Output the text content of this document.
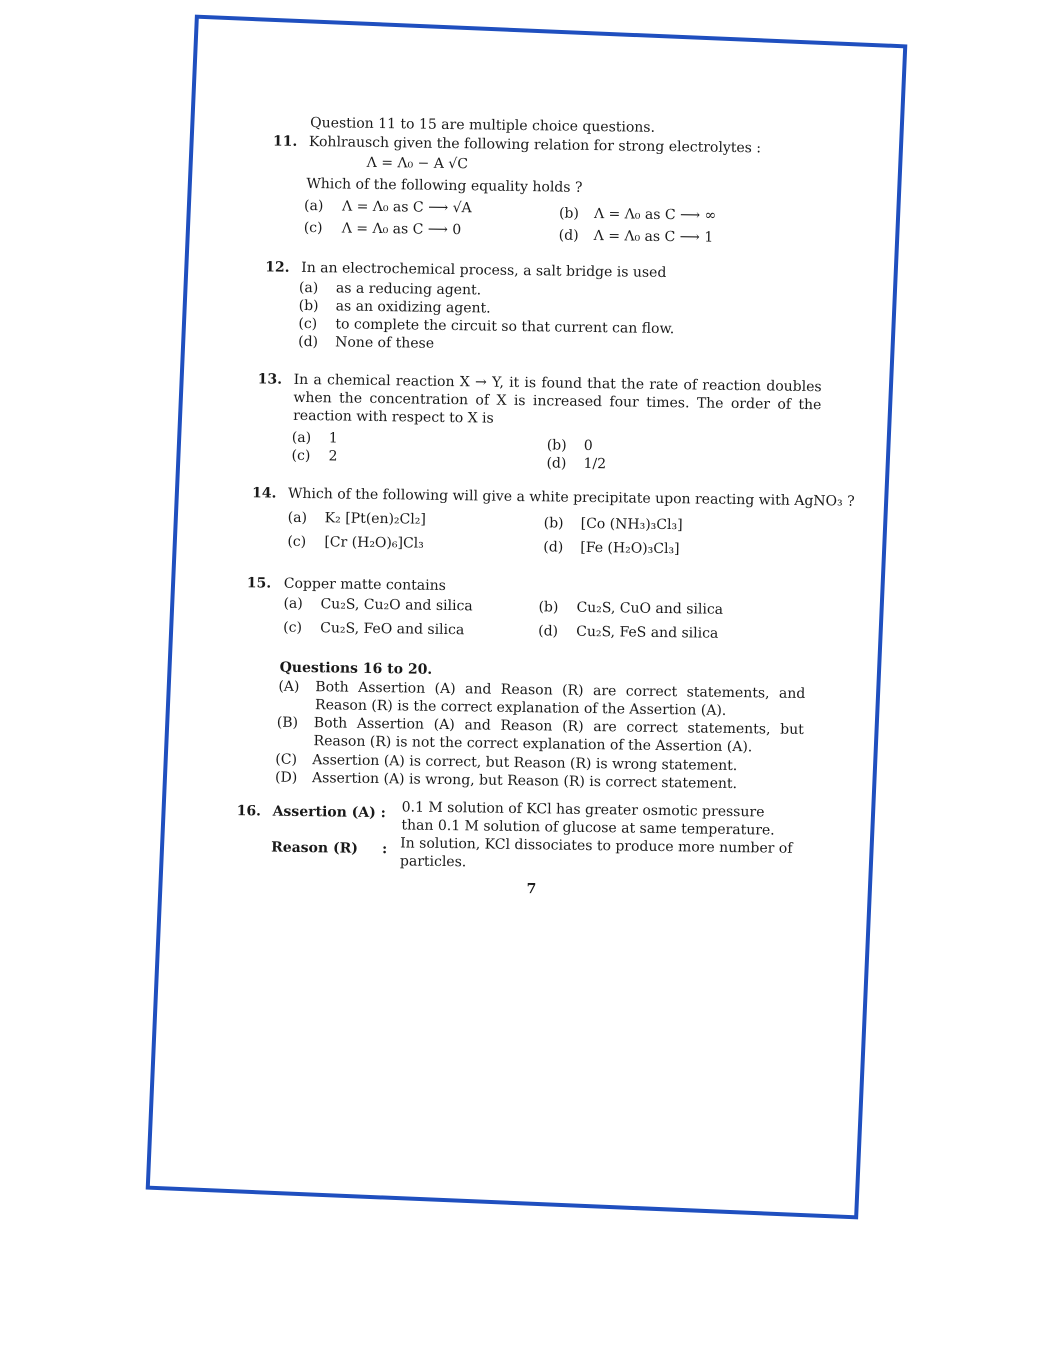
Question 11 to 15 are multiple choice questions.
11. Kohlrausch given the following relation for strong electrolytes :
Λ = Λ₀ − A √C
Which of the following equality holds ?
(a) Λ = Λ₀ as C ⟶ √A	(b) Λ = Λ₀ as C ⟶ ∞
(c) Λ = Λ₀ as C ⟶ 0	(d) Λ = Λ₀ as C ⟶ 1
12. In an electrochemical process, a salt bridge is used
(a) as a reducing agent.
(b) as an oxidizing agent.
(c) to complete the circuit so that current can flow.
(d) None of these
13. In a chemical reaction X → Y, it is found that the rate of reaction doubles when the concentration of X is increased four times. The order of the reaction with respect to X is
(a) 1	(b) 0
(c) 2	(d) 1/2
14. Which of the following will give a white precipitate upon reacting with AgNO₃ ?
(a) K₂ [Pt(en)₂Cl₂]	(b) [Co (NH₃)₃Cl₃]
(c) [Cr (H₂O)₆]Cl₃	(d) [Fe (H₂O)₃Cl₃]
15. Copper matte contains
(a) Cu₂S, Cu₂O and silica	(b) Cu₂S, CuO and silica
(c) Cu₂S, FeO and silica	(d) Cu₂S, FeS and silica
Questions 16 to 20.
(A) Both Assertion (A) and Reason (R) are correct statements, and Reason (R) is the correct explanation of the Assertion (A).
(B) Both Assertion (A) and Reason (R) are correct statements, but Reason (R) is not the correct explanation of the Assertion (A).
(C) Assertion (A) is correct, but Reason (R) is wrong statement.
(D) Assertion (A) is wrong, but Reason (R) is correct statement.
16. Assertion (A) : 0.1 M solution of KCl has greater osmotic pressure than 0.1 M solution of glucose at same temperature.
Reason (R) : In solution, KCl dissociates to produce more number of particles.
7
